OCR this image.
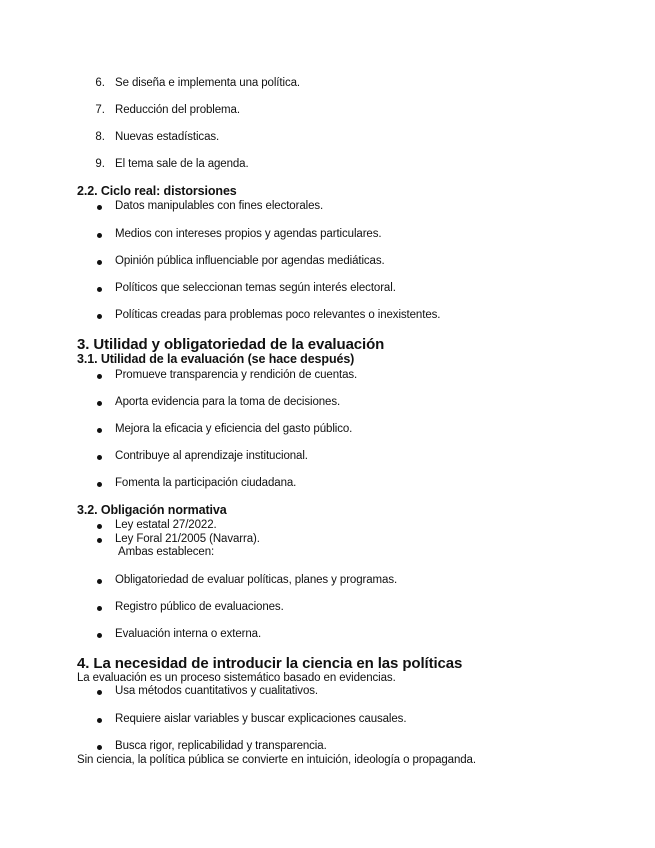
6. Se diseña e implementa una política.
7. Reducción del problema.
8. Nuevas estadísticas.
9. El tema sale de la agenda.
2.2. Ciclo real: distorsiones
Datos manipulables con fines electorales.
Medios con intereses propios y agendas particulares.
Opinión pública influenciable por agendas mediáticas.
Políticos que seleccionan temas según interés electoral.
Políticas creadas para problemas poco relevantes o inexistentes.
3. Utilidad y obligatoriedad de la evaluación
3.1. Utilidad de la evaluación (se hace después)
Promueve transparencia y rendición de cuentas.
Aporta evidencia para la toma de decisiones.
Mejora la eficacia y eficiencia del gasto público.
Contribuye al aprendizaje institucional.
Fomenta la participación ciudadana.
3.2. Obligación normativa
Ley estatal 27/2022.
Ley Foral 21/2005 (Navarra).
Ambas establecen:
Obligatoriedad de evaluar políticas, planes y programas.
Registro público de evaluaciones.
Evaluación interna o externa.
4. La necesidad de introducir la ciencia en las políticas
La evaluación es un proceso sistemático basado en evidencias.
Usa métodos cuantitativos y cualitativos.
Requiere aislar variables y buscar explicaciones causales.
Busca rigor, replicabilidad y transparencia.
Sin ciencia, la política pública se convierte en intuición, ideología o propaganda.
